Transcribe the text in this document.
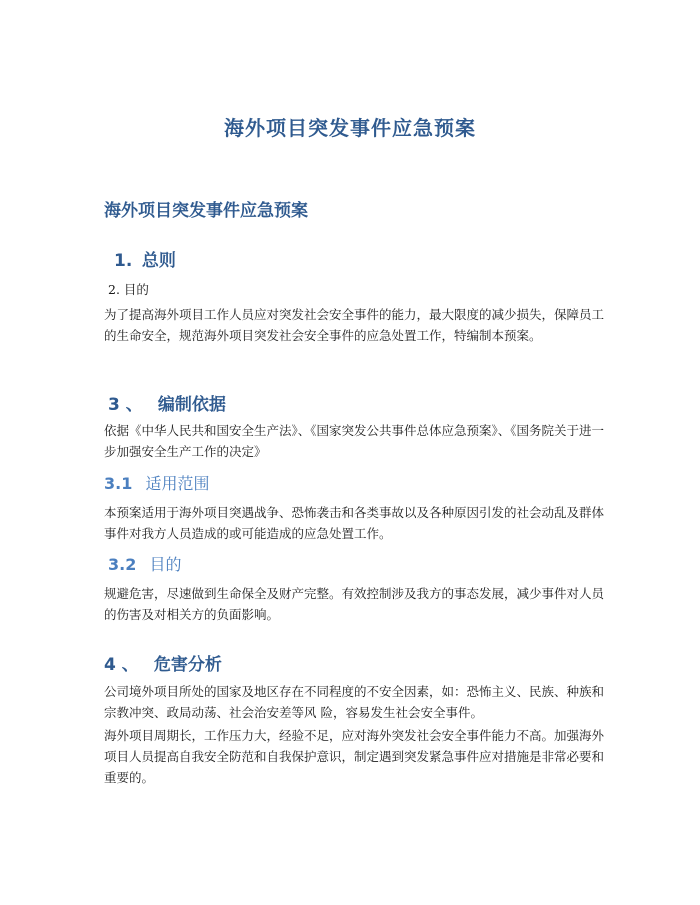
海外项目突发事件应急预案
海外项目突发事件应急预案
1. 总则
2. 目的
为了提高海外项目工作人员应对突发社会安全事件的能力，最大限度的减少损失，保障员工的生命安全，规范海外项目突发社会安全事件的应急处置工作，特编制本预案。
3 、 编制依据
依据《中华人民共和国安全生产法》、《国家突发公共事件总体应急预案》、《国务院关于进一步加强安全生产工作的决定》
3.1 适用范围
本预案适用于海外项目突遇战争、恐怖袭击和各类事故以及各种原因引发的社会动乱及群体事件对我方人员造成的或可能造成的应急处置工作。
3.2 目的
规避危害，尽速做到生命保全及财产完整。有效控制涉及我方的事态发展，减少事件对人员的伤害及对相关方的负面影响。
4 、 危害分析
公司境外项目所处的国家及地区存在不同程度的不安全因素，如：恐怖主义、民族、种族和宗教冲突、政局动荡、社会治安差等风 险，容易发生社会安全事件。
海外项目周期长，工作压力大，经验不足，应对海外突发社会安全事件能力不高。加强海外项目人员提高自我安全防范和自我保护意识，制定遇到突发紧急事件应对措施是非常必要和重要的。
